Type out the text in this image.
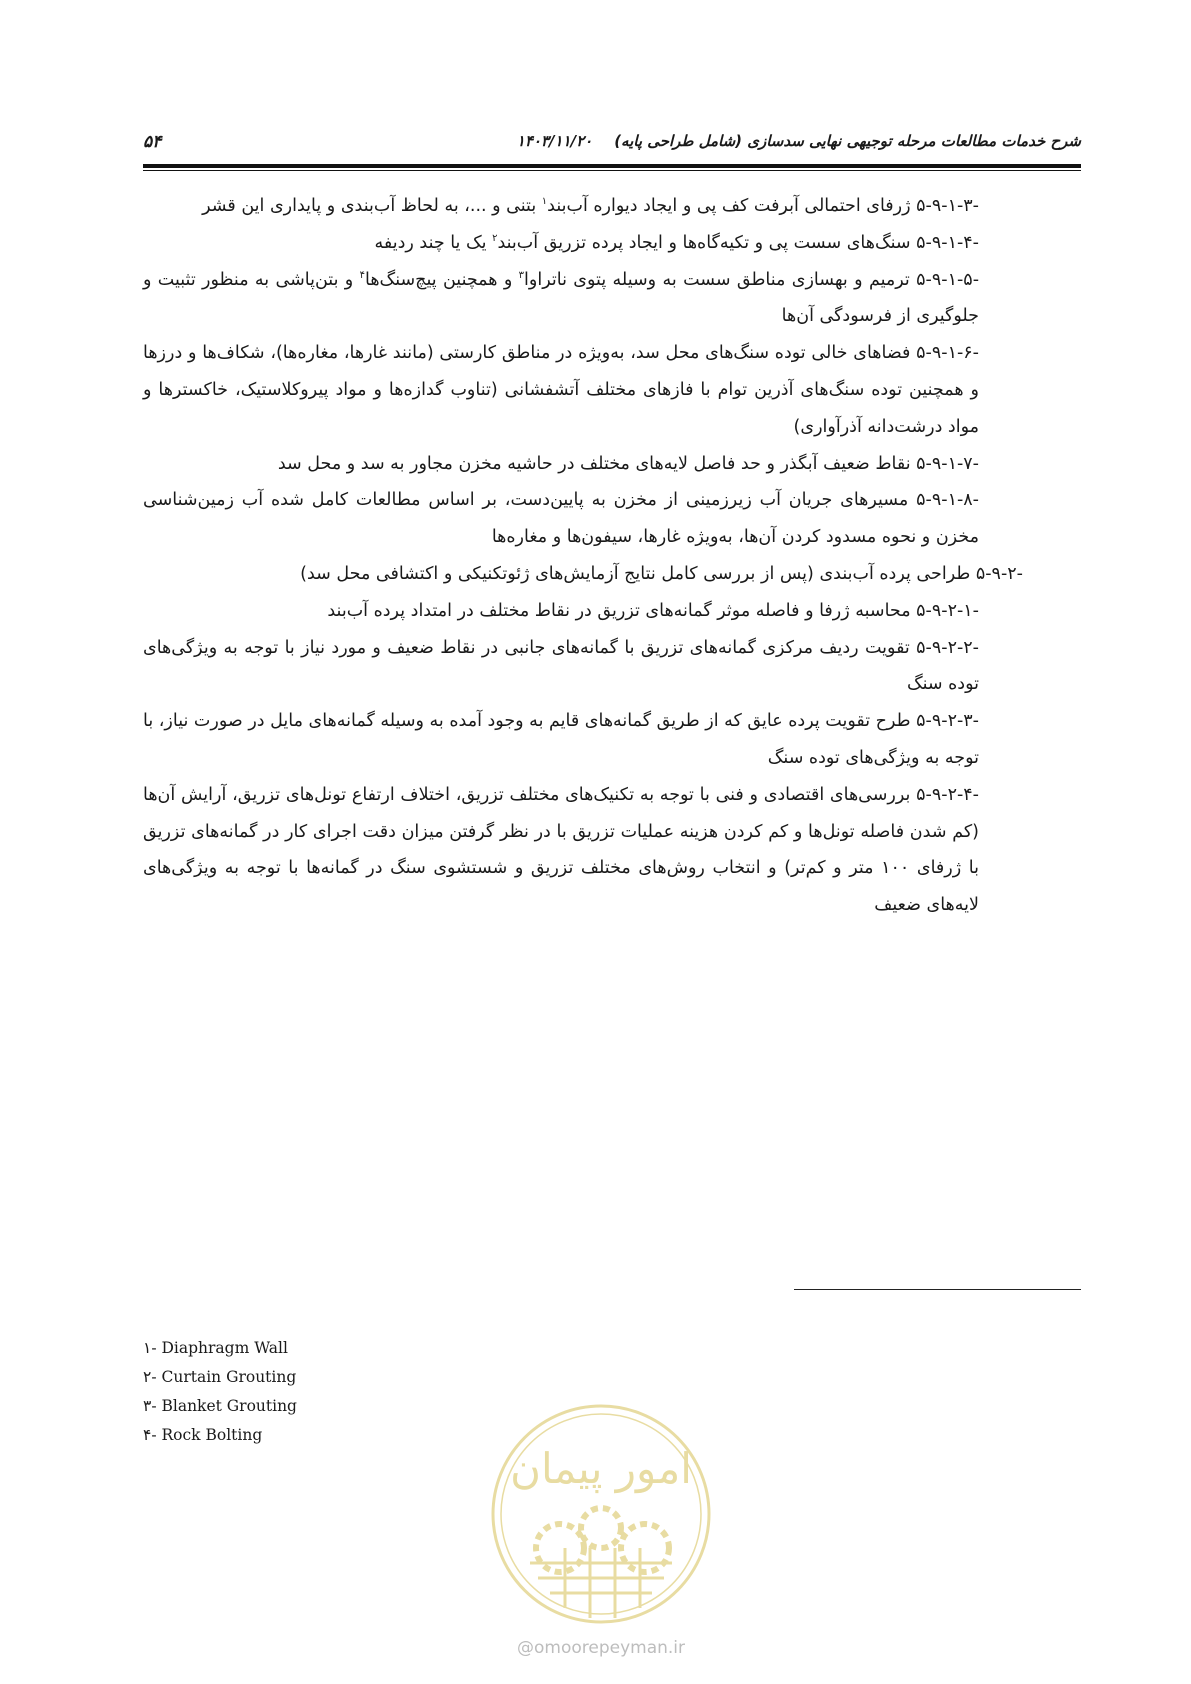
۵۴	شرح خدمات مطالعات مرحله توجیهی نهایی سدسازی (شامل طراحی پایه)۱۴۰۳/۱۱/۲۰

۵-۹-۱-۳- ژرفای احتمالی آبرفت کف پی و ایجاد دیواره آب‌بند$^۱$ بتنی و ...، به لحاظ آب‌بندی و پایداری این قشر

۵-۹-۱-۴- سنگ‌های سست پی و تکیه‌گاه‌ها و ایجاد پرده تزریق آب‌بند$^۲$ یک یا چند ردیفه

۵-۹-۱-۵- ترمیم و بهسازی مناطق سست به وسیله پتوی ناتراوا$^۳$ و همچنین پیچ‌سنگ‌ها$^۴$ و بتن‌پاشی به منظور تثبیت و جلوگیری از فرسودگی آن‌ها

۵-۹-۱-۶- فضاهای خالی توده سنگ‌های محل سد، به‌ویژه در مناطق کارستی (مانند غارها، مغاره‌ها)، شکاف‌ها و درزها و همچنین توده سنگ‌های آذرین توام با فازهای مختلف آتشفشانی (تناوب گدازه‌ها و مواد پیروکلاستیک، خاکسترها و مواد درشت‌دانه آذرآواری)

۵-۹-۱-۷- نقاط ضعیف آبگذر و حد فاصل لایه‌های مختلف در حاشیه مخزن مجاور به سد و محل سد

۵-۹-۱-۸- مسیرهای جریان آب زیرزمینی از مخزن به پایین‌دست، بر اساس مطالعات کامل شده آب زمین‌شناسی مخزن و نحوه مسدود کردن آن‌ها، به‌ویژه غارها، سیفون‌ها و مغاره‌ها

۵-۹-۲- طراحی پرده آب‌بندی (پس از بررسی کامل نتایج آزمایش‌های ژئوتکنیکی و اکتشافی محل سد)

۵-۹-۲-۱- محاسبه ژرفا و فاصله موثر گمانه‌های تزریق در نقاط مختلف در امتداد پرده آب‌بند

۵-۹-۲-۲- تقویت ردیف مرکزی گمانه‌های تزریق با گمانه‌های جانبی در نقاط ضعیف و مورد نیاز با توجه به ویژگی‌های توده سنگ

۵-۹-۲-۳- طرح تقویت پرده عایق که از طریق گمانه‌های قایم به وجود آمده به وسیله گمانه‌های مایل در صورت نیاز، با توجه به ویژگی‌های توده سنگ

۵-۹-۲-۴- بررسی‌های اقتصادی و فنی با توجه به تکنیک‌های مختلف تزریق، اختلاف ارتفاع تونل‌های تزریق، آرایش آن‌ها (کم شدن فاصله تونل‌ها و کم کردن هزینه عملیات تزریق با در نظر گرفتن میزان دقت اجرای کار در گمانه‌های تزریق با ژرفای ۱۰۰ متر و کم‌تر) و انتخاب روش‌های مختلف تزریق و شستشوی سنگ در گمانه‌ها با توجه به ویژگی‌های لایه‌های ضعیف

۱- Diaphragm Wall
۲- Curtain Grouting
۳- Blanket Grouting
۴- Rock Bolting
امور پیمان
@omoorepeyman.ir
